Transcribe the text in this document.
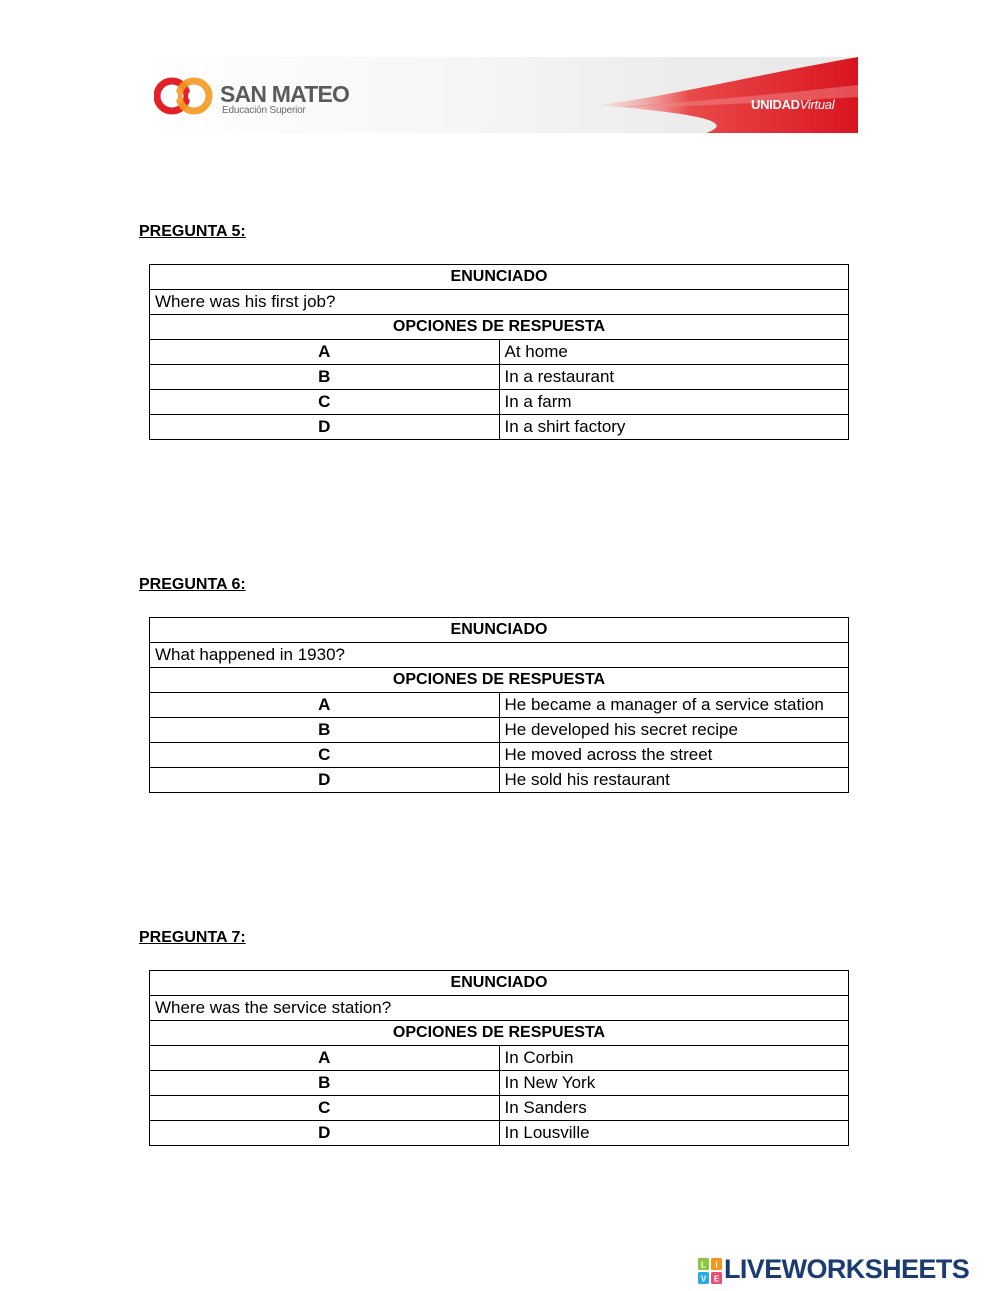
SAN MATEO
Educación Superior	UNIDADVirtual
PREGUNTA 5:
ENUNCIADO	
Where was his first job?	
OPCIONES DE RESPUESTA	
A	At home
B	In a restaurant
C	In a farm
D	In a shirt factory
PREGUNTA 6:
ENUNCIADO	
What happened in 1930?	
OPCIONES DE RESPUESTA	
A	He became a manager of a service station
B	He developed his secret recipe
C	He moved across the street
D	He sold his restaurant
PREGUNTA 7:
ENUNCIADO	
Where was the service station?	
OPCIONES DE RESPUESTA	
A	In Corbin
B	In New York
C	In Sanders
D	In Lousville
L I
V E LIVEWORKSHEETS
